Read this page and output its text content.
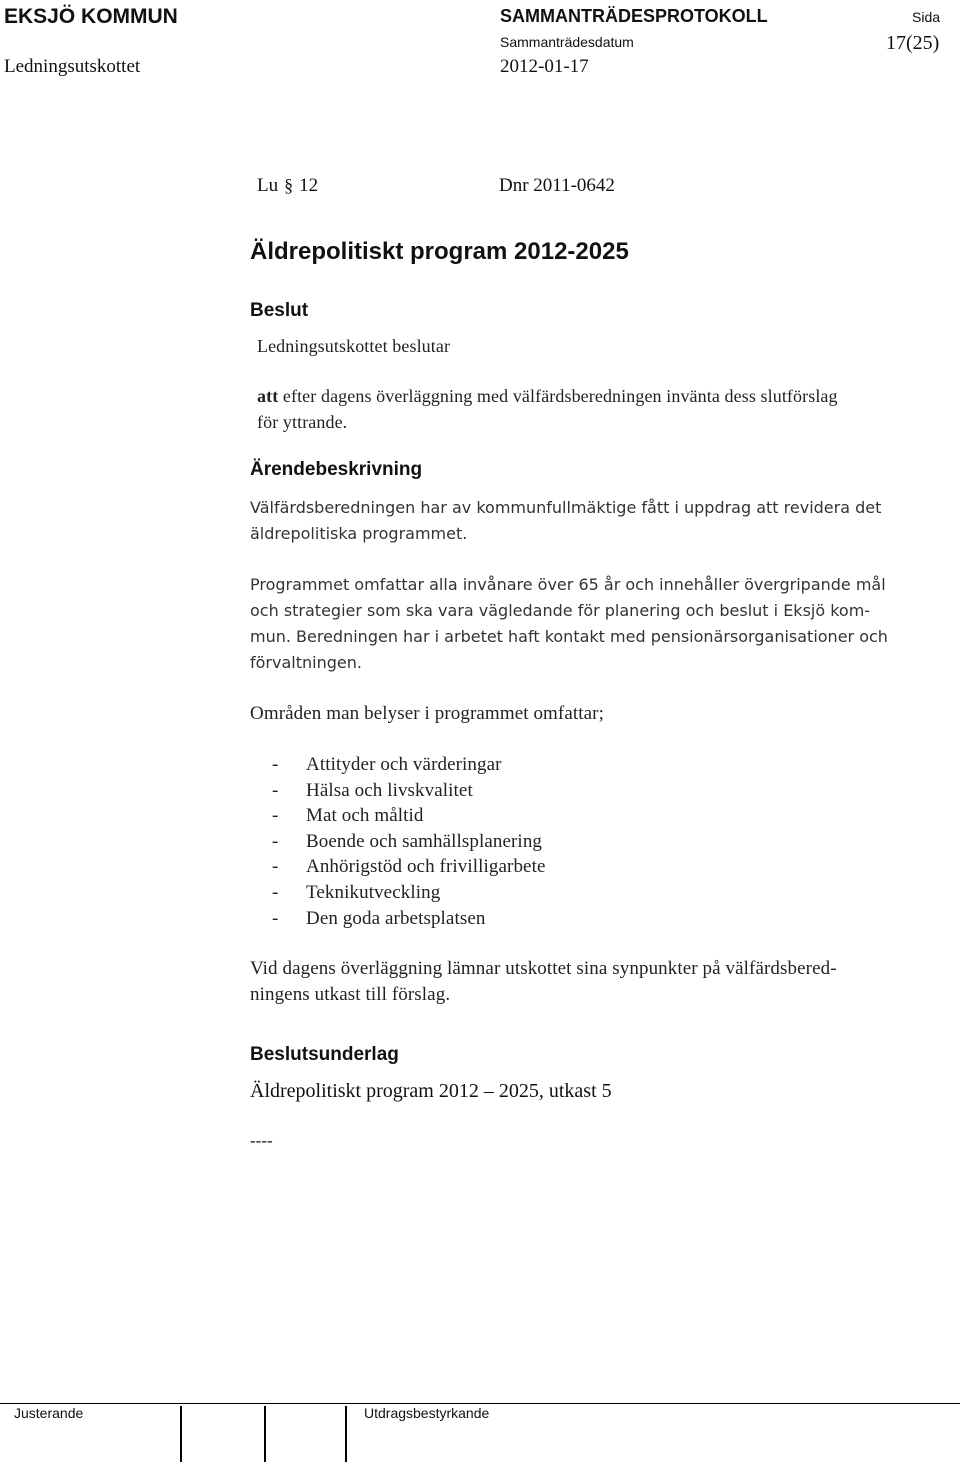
EKSJÖ KOMMUN	SAMMANTRÄDESPROTOKOLL	Sida
Ledningsutskottet
Sammanträdesdatum
2012-01-17
17(25)
Lu § 12	Dnr 2011-0642
Äldrepolitiskt program 2012-2025
Beslut
Ledningsutskottet beslutar
att efter dagens överläggning med välfärdsberedningen invänta dess slutförslag
för yttrande.
Ärendebeskrivning
Välfärdsberedningen har av kommunfullmäktige fått i uppdrag att revidera det
äldrepolitiska programmet.
Programmet omfattar alla invånare över 65 år och innehåller övergripande mål
och strategier som ska vara vägledande för planering och beslut i Eksjö kom-
mun. Beredningen har i arbetet haft kontakt med pensionärsorganisationer och
förvaltningen.
Områden man belyser i programmet omfattar;
- Attityder och värderingar
- Hälsa och livskvalitet
- Mat och måltid
- Boende och samhällsplanering
- Anhörigstöd och frivilligarbete
- Teknikutveckling
- Den goda arbetsplatsen
Vid dagens överläggning lämnar utskottet sina synpunkter på välfärdsbered-
ningens utkast till förslag.
Beslutsunderlag
Äldrepolitiskt program 2012 – 2025, utkast 5
----
Justerande	Utdragsbestyrkande
